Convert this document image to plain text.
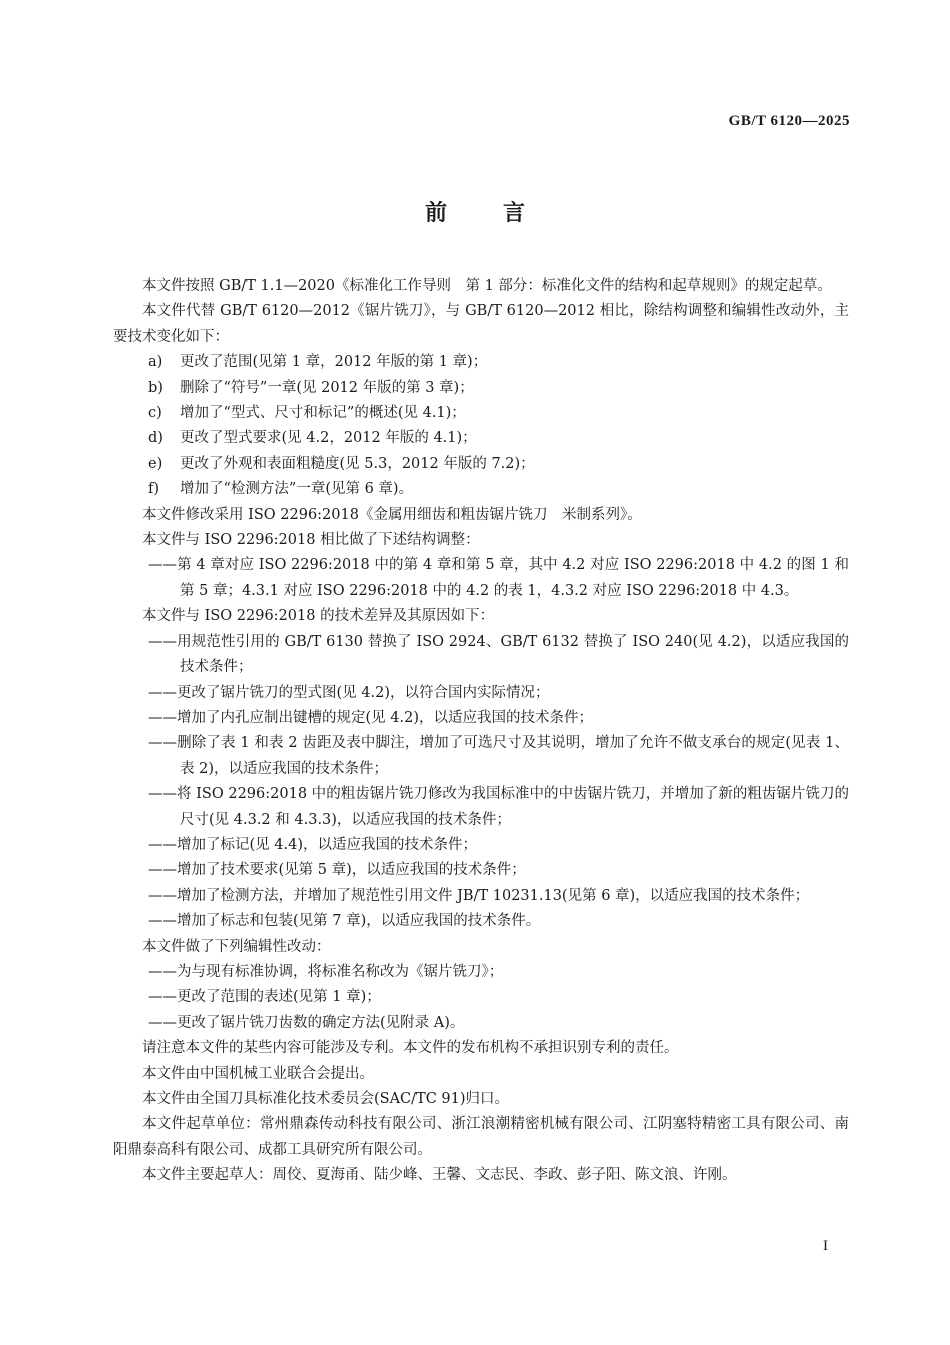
GB/T 6120—2025
前言
本文件按照 GB/T 1.1—2020《标准化工作导则　第 1 部分：标准化文件的结构和起草规则》的规定起草。
本文件代替 GB/T 6120—2012《锯片铣刀》，与 GB/T 6120—2012 相比，除结构调整和编辑性改动外，主要技术变化如下：
a) 更改了范围(见第 1 章，2012 年版的第 1 章)；
b) 删除了“符号”一章(见 2012 年版的第 3 章)；
c) 增加了“型式、尺寸和标记”的概述(见 4.1)；
d) 更改了型式要求(见 4.2，2012 年版的 4.1)；
e) 更改了外观和表面粗糙度(见 5.3，2012 年版的 7.2)；
f) 增加了“检测方法”一章(见第 6 章)。
本文件修改采用 ISO 2296:2018《金属用细齿和粗齿锯片铣刀　米制系列》。
本文件与 ISO 2296:2018 相比做了下述结构调整：
——第 4 章对应 ISO 2296:2018 中的第 4 章和第 5 章，其中 4.2 对应 ISO 2296:2018 中 4.2 的图 1 和第 5 章；4.3.1 对应 ISO 2296:2018 中的 4.2 的表 1，4.3.2 对应 ISO 2296:2018 中 4.3。
本文件与 ISO 2296:2018 的技术差异及其原因如下：
——用规范性引用的 GB/T 6130 替换了 ISO 2924、GB/T 6132 替换了 ISO 240(见 4.2)，以适应我国的技术条件；
——更改了锯片铣刀的型式图(见 4.2)，以符合国内实际情况；
——增加了内孔应制出键槽的规定(见 4.2)，以适应我国的技术条件；
——删除了表 1 和表 2 齿距及表中脚注，增加了可选尺寸及其说明，增加了允许不做支承台的规定(见表 1、表 2)，以适应我国的技术条件；
——将 ISO 2296:2018 中的粗齿锯片铣刀修改为我国标准中的中齿锯片铣刀，并增加了新的粗齿锯片铣刀的尺寸(见 4.3.2 和 4.3.3)，以适应我国的技术条件；
——增加了标记(见 4.4)，以适应我国的技术条件；
——增加了技术要求(见第 5 章)，以适应我国的技术条件；
——增加了检测方法，并增加了规范性引用文件 JB/T 10231.13(见第 6 章)，以适应我国的技术条件；
——增加了标志和包装(见第 7 章)，以适应我国的技术条件。
本文件做了下列编辑性改动：
——为与现有标准协调，将标准名称改为《锯片铣刀》；
——更改了范围的表述(见第 1 章)；
——更改了锯片铣刀齿数的确定方法(见附录 A)。
请注意本文件的某些内容可能涉及专利。本文件的发布机构不承担识别专利的责任。
本文件由中国机械工业联合会提出。
本文件由全国刀具标准化技术委员会(SAC/TC 91)归口。
本文件起草单位：常州鼎森传动科技有限公司、浙江浪潮精密机械有限公司、江阴塞特精密工具有限公司、南阳鼎泰高科有限公司、成都工具研究所有限公司。
本文件主要起草人：周佼、夏海甬、陆少峰、王馨、文志民、李政、彭子阳、陈文浪、许刚。
I
